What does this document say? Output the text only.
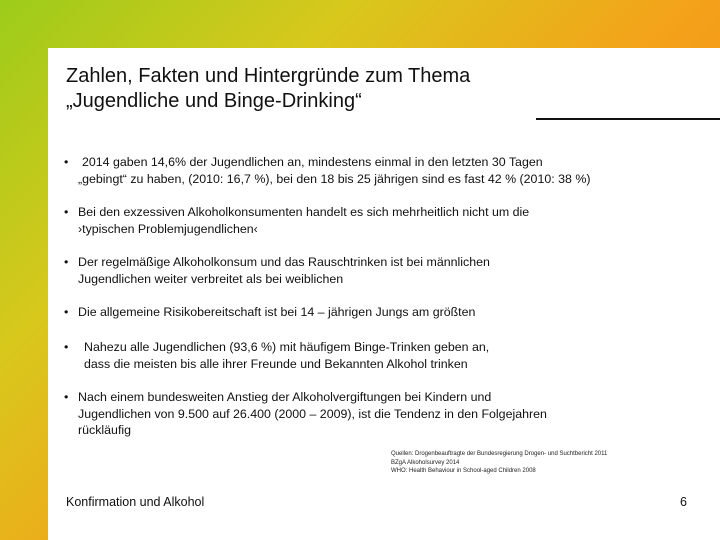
Zahlen, Fakten und Hintergründe zum Thema
„Jugendliche und Binge-Drinking“
•	2014 gaben 14,6% der Jugendlichen an, mindestens einmal in den letzten 30 Tagen
„gebingt“ zu haben, (2010: 16,7 %), bei den 18 bis 25 jährigen sind es fast 42 % (2010: 38 %)
• Bei den exzessiven Alkoholkonsumenten handelt es sich mehrheitlich nicht um die
›typischen Problemjugendlichen‹
• Der regelmäßige Alkoholkonsum und das Rauschtrinken ist bei männlichen
Jugendlichen weiter verbreitet als bei weiblichen
• Die allgemeine Risikobereitschaft ist bei 14 – jährigen Jungs am größten
•	Nahezu alle Jugendlichen (93,6 %) mit häufigem Binge-Trinken geben an,
dass die meisten bis alle ihrer Freunde und Bekannten Alkohol trinken
• Nach einem bundesweiten Anstieg der Alkoholvergiftungen bei Kindern und
Jugendlichen von 9.500 auf 26.400 (2000 – 2009), ist die Tendenz in den Folgejahren
rückläufig
Quellen: Drogenbeauftragte der Bundesregierung Drogen- und Suchtbericht 2011
BZgA Alkoholsurvey 2014
WHO: Health Behaviour in School-aged Children 2008
Konfirmation und Alkohol	6
